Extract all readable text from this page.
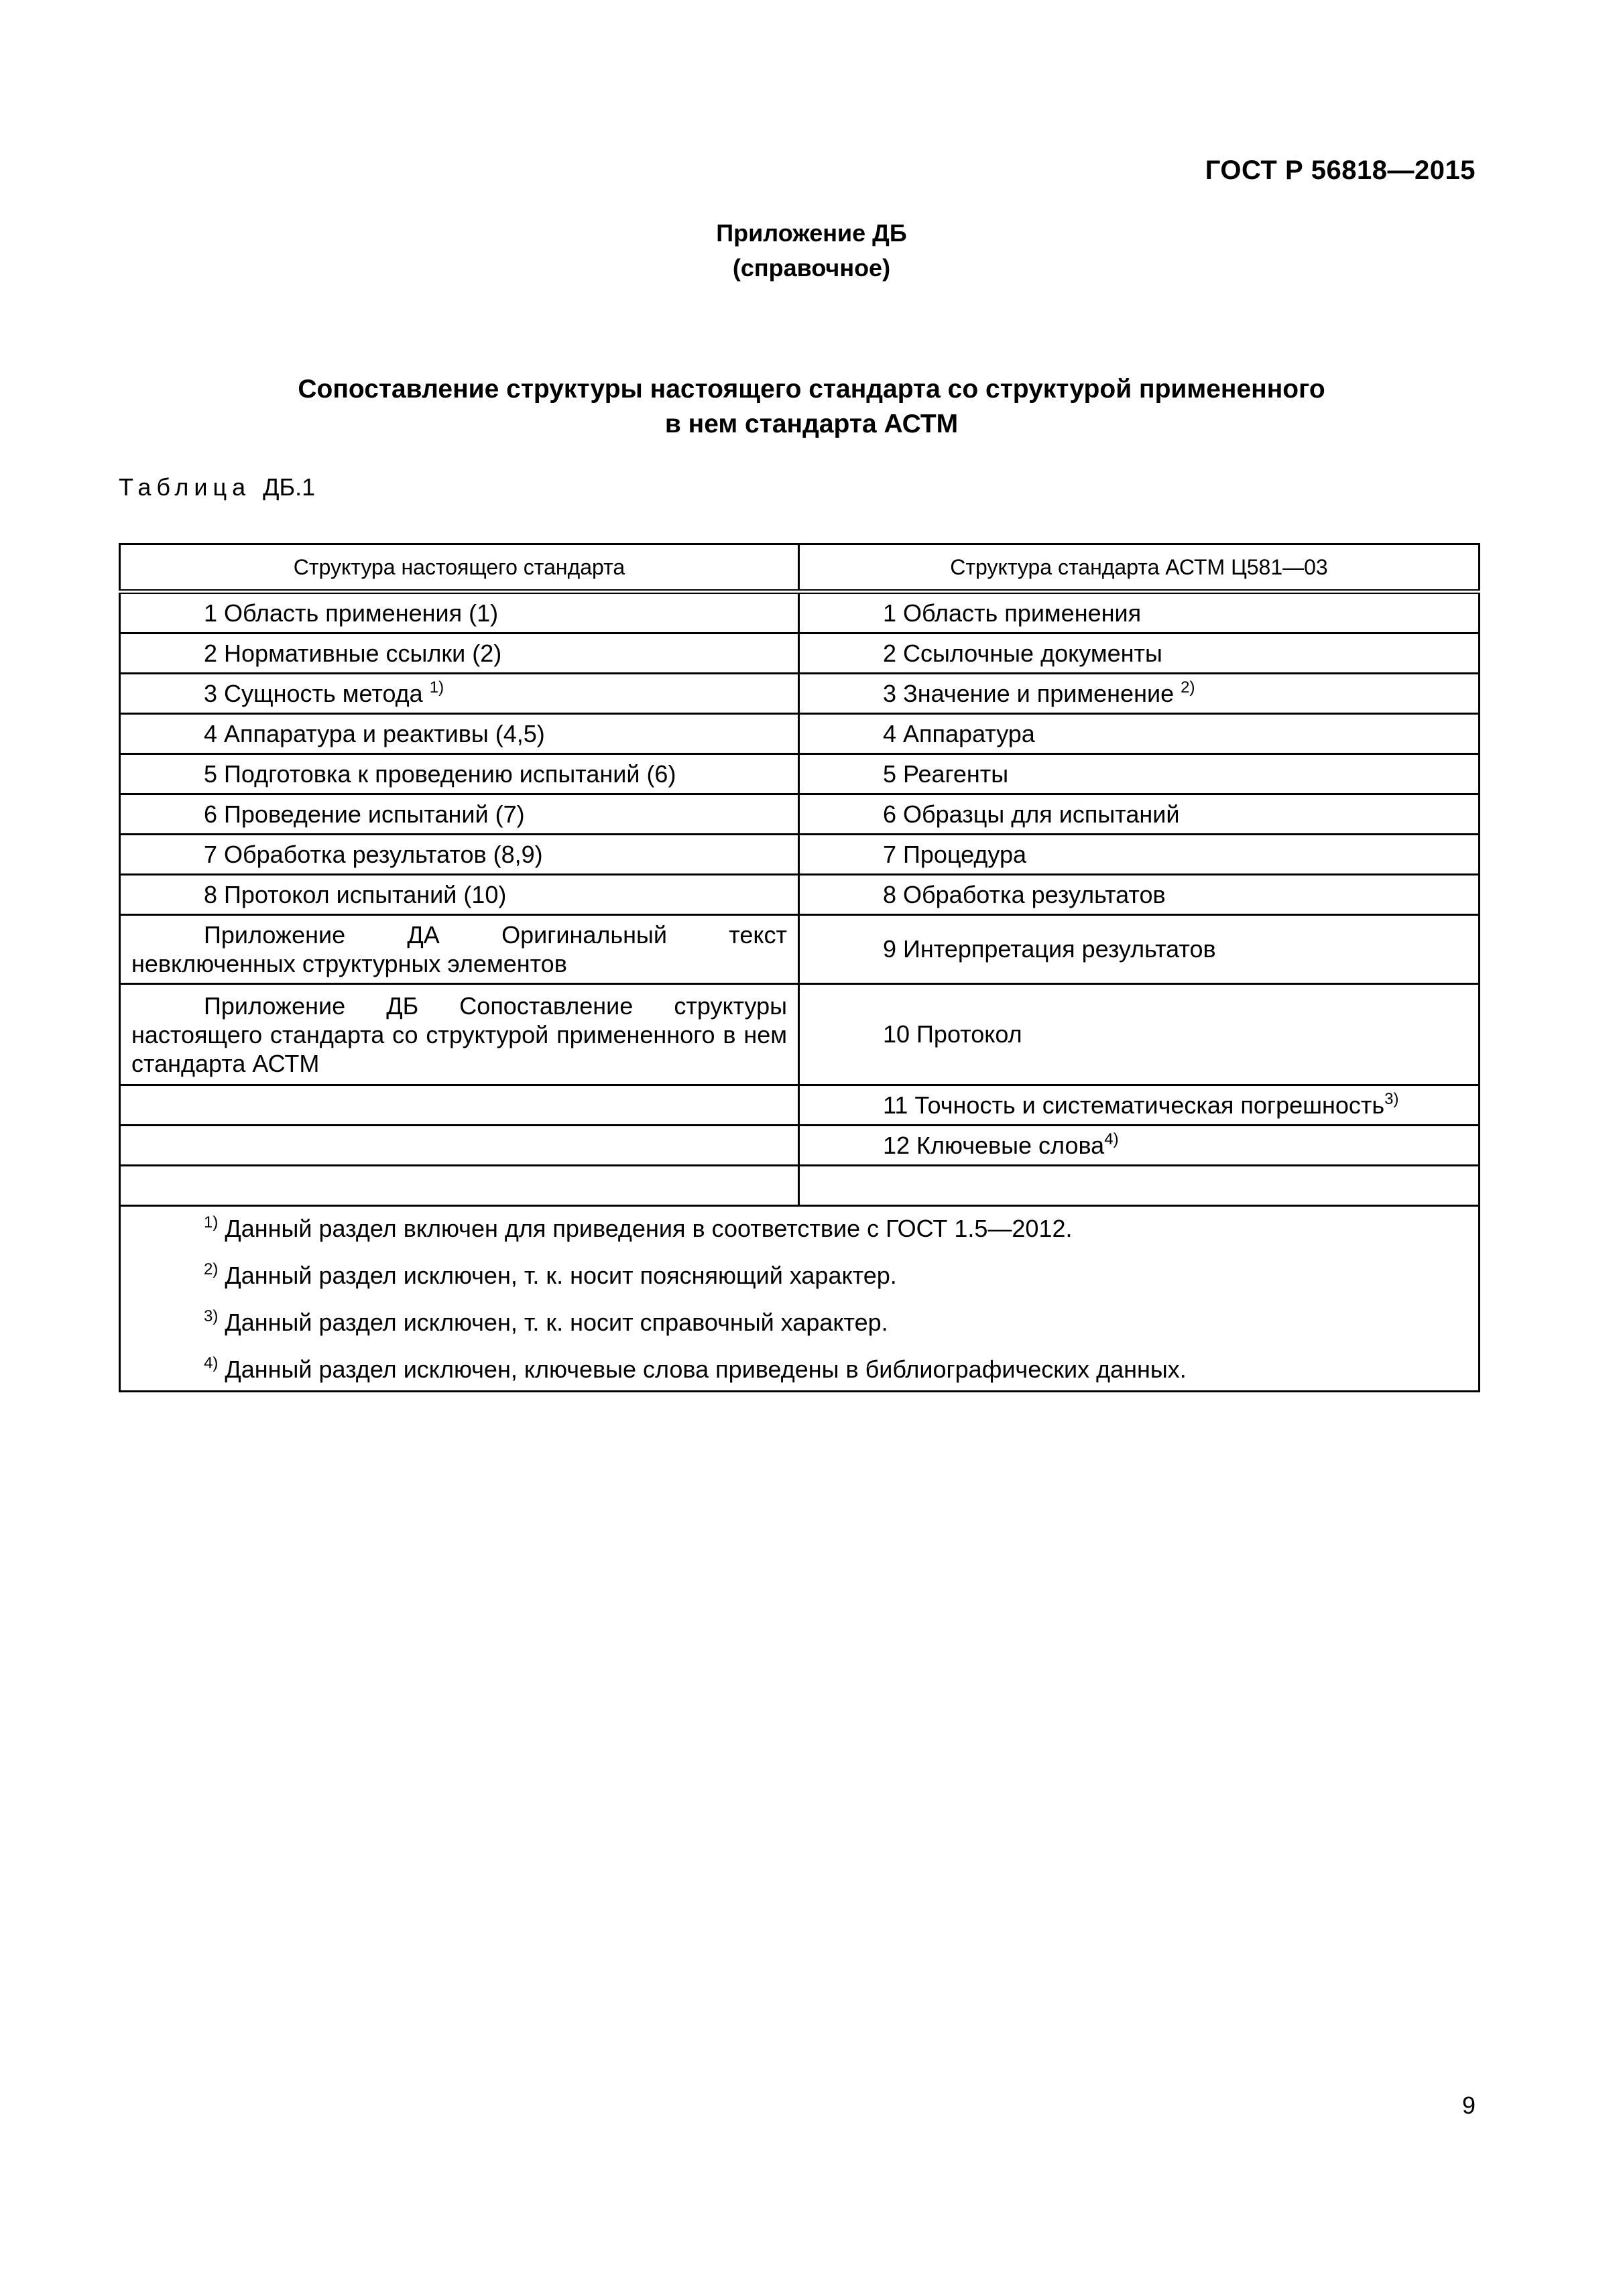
ГОСТ Р 56818—2015
Приложение ДБ
(справочное)
Сопоставление структуры настоящего стандарта со структурой примененного
в нем стандарта АСТМ
Таблица ДБ.1
Структура настоящего стандарта	Структура стандарта АСТМ Ц581—03
1 Область применения (1)	1 Область применения
2 Нормативные ссылки (2)	2 Ссылочные документы
3 Сущность метода $^{1)}$	3 Значение и применение $^{2)}$
4 Аппаратура и реактивы (4,5)	4 Аппаратура
5 Подготовка к проведению испытаний (6)	5 Реагенты
6 Проведение испытаний (7)	6 Образцы для испытаний
7 Обработка результатов (8,9)	7 Процедура
8 Протокол испытаний (10)	8 Обработка результатов
Приложение ДА Оригинальный текст невключенных структурных элементов	9 Интерпретация результатов
Приложение ДБ Сопоставление структуры настоящего стандарта со структурой примененного в нем стандарта АСТМ	10 Протокол
	11 Точность и систематическая погрешность$^{3)}$
	12 Ключевые слова$^{4)}$

$^{1)}$ Данный раздел включен для приведения в соответствие с ГОСТ 1.5—2012.
$^{2)}$ Данный раздел исключен, т. к. носит поясняющий характер.
$^{3)}$ Данный раздел исключен, т. к. носит справочный характер.
$^{4)}$ Данный раздел исключен, ключевые слова приведены в библиографических данных.	
9
